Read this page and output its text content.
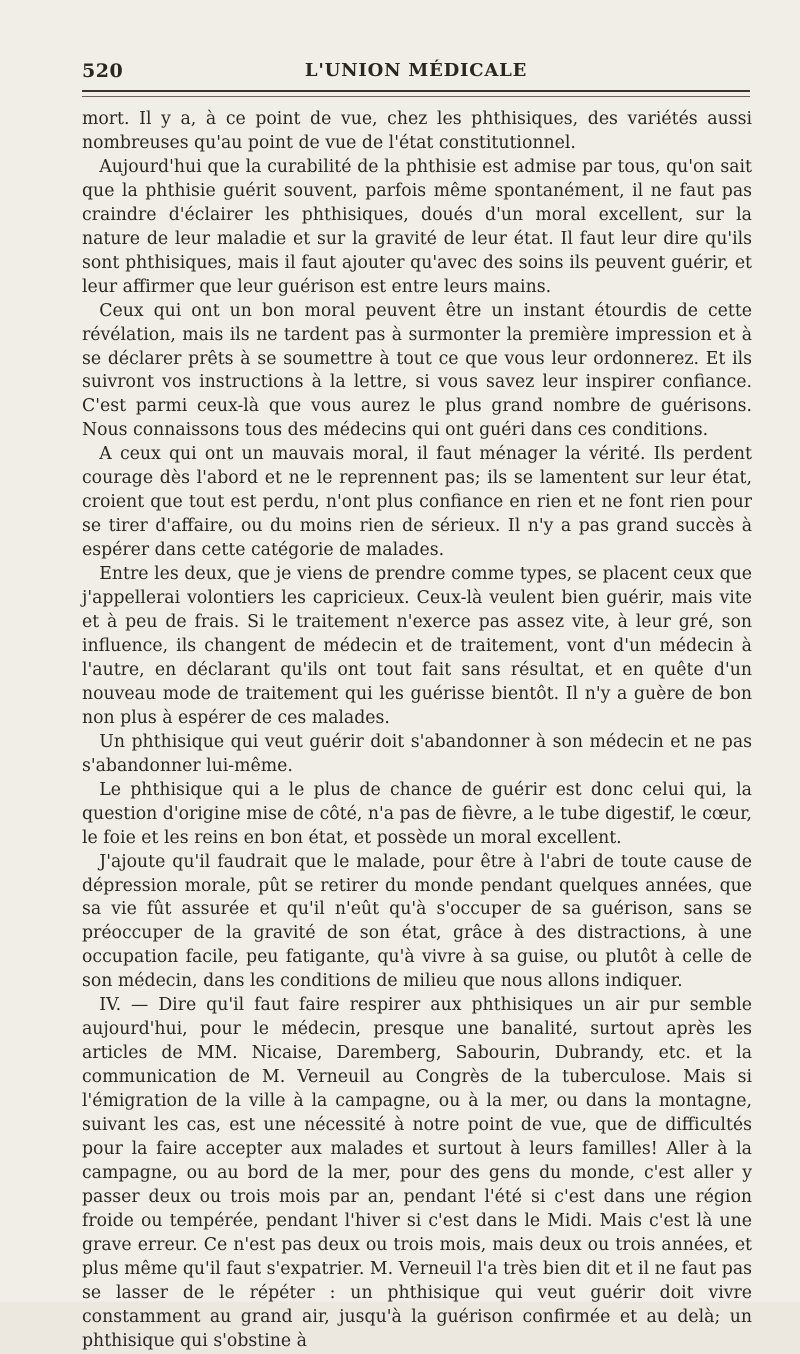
520	L'UNION MÉDICALE

mort. Il y a, à ce point de vue, chez les phthisiques, des variétés aussi nombreuses qu'au point de vue de l'état constitutionnel.

Aujourd'hui que la curabilité de la phthisie est admise par tous, qu'on sait que la phthisie guérit souvent, parfois même spontanément, il ne faut pas craindre d'éclairer les phthisiques, doués d'un moral excellent, sur la nature de leur maladie et sur la gravité de leur état. Il faut leur dire qu'ils sont phthisiques, mais il faut ajouter qu'avec des soins ils peuvent guérir, et leur affirmer que leur guérison est entre leurs mains.

Ceux qui ont un bon moral peuvent être un instant étourdis de cette révélation, mais ils ne tardent pas à surmonter la première impression et à se déclarer prêts à se soumettre à tout ce que vous leur ordonnerez. Et ils suivront vos instructions à la lettre, si vous savez leur inspirer confiance. C'est parmi ceux-là que vous aurez le plus grand nombre de guérisons. Nous connaissons tous des médecins qui ont guéri dans ces conditions.

A ceux qui ont un mauvais moral, il faut ménager la vérité. Ils perdent courage dès l'abord et ne le reprennent pas; ils se lamentent sur leur état, croient que tout est perdu, n'ont plus confiance en rien et ne font rien pour se tirer d'affaire, ou du moins rien de sérieux. Il n'y a pas grand succès à espérer dans cette catégorie de malades.

Entre les deux, que je viens de prendre comme types, se placent ceux que j'appellerai volontiers les capricieux. Ceux-là veulent bien guérir, mais vite et à peu de frais. Si le traitement n'exerce pas assez vite, à leur gré, son influence, ils changent de médecin et de traitement, vont d'un médecin à l'autre, en déclarant qu'ils ont tout fait sans résultat, et en quête d'un nouveau mode de traitement qui les guérisse bientôt. Il n'y a guère de bon non plus à espérer de ces malades.

Un phthisique qui veut guérir doit s'abandonner à son médecin et ne pas s'abandonner lui-même.

Le phthisique qui a le plus de chance de guérir est donc celui qui, la question d'origine mise de côté, n'a pas de fièvre, a le tube digestif, le cœur, le foie et les reins en bon état, et possède un moral excellent.

J'ajoute qu'il faudrait que le malade, pour être à l'abri de toute cause de dépression morale, pût se retirer du monde pendant quelques années, que sa vie fût assurée et qu'il n'eût qu'à s'occuper de sa guérison, sans se préoccuper de la gravité de son état, grâce à des distractions, à une occupation facile, peu fatigante, qu'à vivre à sa guise, ou plutôt à celle de son médecin, dans les conditions de milieu que nous allons indiquer.

IV. — Dire qu'il faut faire respirer aux phthisiques un air pur semble aujourd'hui, pour le médecin, presque une banalité, surtout après les articles de MM. Nicaise, Daremberg, Sabourin, Dubrandy, etc. et la communication de M. Verneuil au Congrès de la tuberculose. Mais si l'émigration de la ville à la campagne, ou à la mer, ou dans la montagne, suivant les cas, est une nécessité à notre point de vue, que de difficultés pour la faire accepter aux malades et surtout à leurs familles! Aller à la campagne, ou au bord de la mer, pour des gens du monde, c'est aller y passer deux ou trois mois par an, pendant l'été si c'est dans une région froide ou tempérée, pendant l'hiver si c'est dans le Midi. Mais c'est là une grave erreur. Ce n'est pas deux ou trois mois, mais deux ou trois années, et plus même qu'il faut s'expatrier. M. Verneuil l'a très bien dit et il ne faut pas se lasser de le répéter : un phthisique qui veut guérir doit vivre constamment au grand air, jusqu'à la guérison confirmée et au delà; un phthisique qui s'obstine à
